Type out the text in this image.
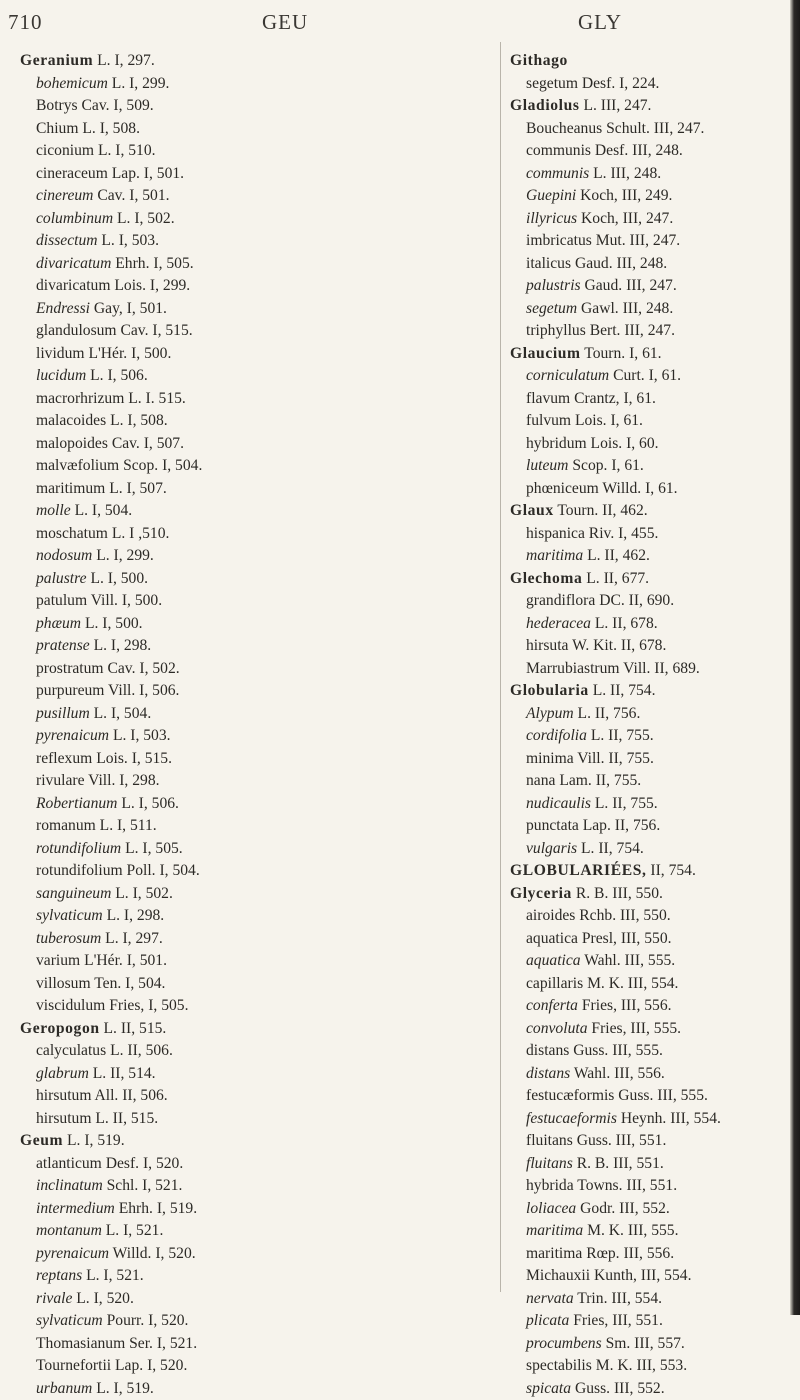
710	GEU	GLY
Geranium L. I, 297.
bohemicum L. I, 299.
Botrys Cav. I, 509.
Chium L. I, 508.
ciconium L. I, 510.
cineraceum Lap. I, 501.
cinereum Cav. I, 501.
columbinum L. I, 502.
dissectum L. I, 503.
divaricatum Ehrh. I, 505.
divaricatum Lois. I, 299.
Endressi Gay, I, 501.
glandulosum Cav. I, 515.
lividum L'Hér. I, 500.
lucidum L. I, 506.
macrorhrizum L. I. 515.
malacoides L. I, 508.
malopoides Cav. I, 507.
malvæfolium Scop. I, 504.
maritimum L. I, 507.
molle L. I, 504.
moschatum L. I ,510.
nodosum L. I, 299.
palustre L. I, 500.
patulum Vill. I, 500.
phæum L. I, 500.
pratense L. I, 298.
prostratum Cav. I, 502.
purpureum Vill. I, 506.
pusillum L. I, 504.
pyrenaicum L. I, 503.
reflexum Lois. I, 515.
rivulare Vill. I, 298.
Robertianum L. I, 506.
romanum L. I, 511.
rotundifolium L. I, 505.
rotundifolium Poll. I, 504.
sanguineum L. I, 502.
sylvaticum L. I, 298.
tuberosum L. I, 297.
varium L'Hér. I, 501.
villosum Ten. I, 504.
viscidulum Fries, I, 505.
Geropogon L. II, 515.
calyculatus L. II, 506.
glabrum L. II, 514.
hirsutum All. II, 506.
hirsutum L. II, 515.
Geum L. I, 519.
atlanticum Desf. I, 520.
inclinatum Schl. I, 521.
intermedium Ehrh. I, 519.
montanum L. I, 521.
pyrenaicum Willd. I, 520.
reptans L. I, 521.
rivale L. I, 520.
sylvaticum Pourr. I, 520.
Thomasianum Ser. I, 521.
Tournefortii Lap. I, 520.
urbanum L. I, 519.
Githago
segetum Desf. I, 224.
Gladiolus L. III, 247.
Boucheanus Schult. III, 247.
communis Desf. III, 248.
communis L. III, 248.
Guepini Koch, III, 249.
illyricus Koch, III, 247.
imbricatus Mut. III, 247.
italicus Gaud. III, 248.
palustris Gaud. III, 247.
segetum Gawl. III, 248.
triphyllus Bert. III, 247.
Glaucium Tourn. I, 61.
corniculatum Curt. I, 61.
flavum Crantz, I, 61.
fulvum Lois. I, 61.
hybridum Lois. I, 60.
luteum Scop. I, 61.
phœniceum Willd. I, 61.
Glaux Tourn. II, 462.
hispanica Riv. I, 455.
maritima L. II, 462.
Glechoma L. II, 677.
grandiflora DC. II, 690.
hederacea L. II, 678.
hirsuta W. Kit. II, 678.
Marrubiastrum Vill. II, 689.
Globularia L. II, 754.
Alypum L. II, 756.
cordifolia L. II, 755.
minima Vill. II, 755.
nana Lam. II, 755.
nudicaulis L. II, 755.
punctata Lap. II, 756.
vulgaris L. II, 754.
GLOBULARIÉES, II, 754.
Glyceria R. B. III, 550.
airoides Rchb. III, 550.
aquatica Presl, III, 550.
aquatica Wahl. III, 555.
capillaris M. K. III, 554.
conferta Fries, III, 556.
convoluta Fries, III, 555.
distans Guss. III, 555.
distans Wahl. III, 556.
festucæformis Guss. III, 555.
festucaeformis Heynh. III, 554.
fluitans Guss. III, 551.
fluitans R. B. III, 551.
hybrida Towns. III, 551.
loliacea Godr. III, 552.
maritima M. K. III, 555.
maritima Rœp. III, 556.
Michauxii Kunth, III, 554.
nervata Trin. III, 554.
plicata Fries, III, 551.
procumbens Sm. III, 557.
spectabilis M. K. III, 553.
spicata Guss. III, 552.
